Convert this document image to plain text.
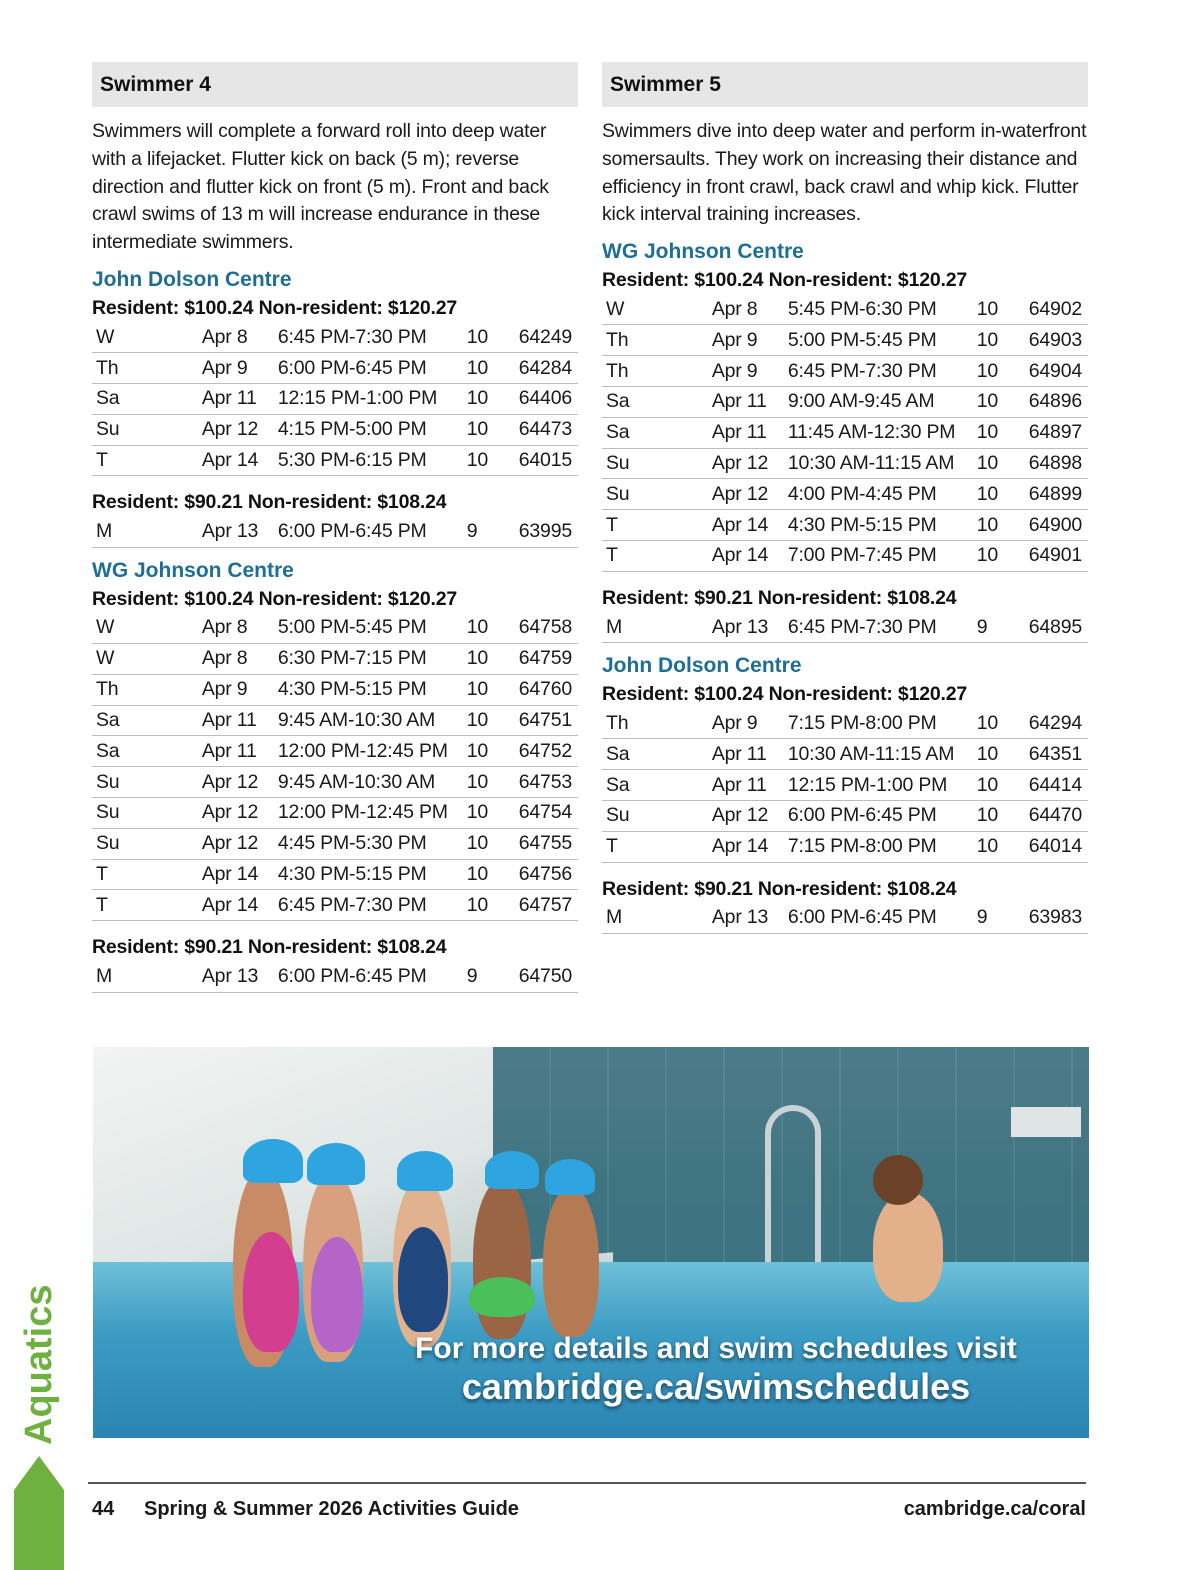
Swimmer 4

Swimmers will complete a forward roll into deep water with a lifejacket. Flutter kick on back (5 m); reverse direction and flutter kick on front (5 m). Front and back crawl swims of 13 m will increase endurance in these intermediate swimmers.

John Dolson Centre
Resident: $100.24 Non-resident: $120.27
W	Apr 8	6:45 PM-7:30 PM	10	64249
Th	Apr 9	6:00 PM-6:45 PM	10	64284
Sa	Apr 11	12:15 PM-1:00 PM	10	64406
Su	Apr 12	4:15 PM-5:00 PM	10	64473
T	Apr 14	5:30 PM-6:15 PM	10	64015
Resident: $90.21 Non-resident: $108.24
M	Apr 13	6:00 PM-6:45 PM	9	63995
WG Johnson Centre
Resident: $100.24 Non-resident: $120.27
W	Apr 8	5:00 PM-5:45 PM	10	64758
W	Apr 8	6:30 PM-7:15 PM	10	64759
Th	Apr 9	4:30 PM-5:15 PM	10	64760
Sa	Apr 11	9:45 AM-10:30 AM	10	64751
Sa	Apr 11	12:00 PM-12:45 PM	10	64752
Su	Apr 12	9:45 AM-10:30 AM	10	64753
Su	Apr 12	12:00 PM-12:45 PM	10	64754
Su	Apr 12	4:45 PM-5:30 PM	10	64755
T	Apr 14	4:30 PM-5:15 PM	10	64756
T	Apr 14	6:45 PM-7:30 PM	10	64757
Resident: $90.21 Non-resident: $108.24
M	Apr 13	6:00 PM-6:45 PM	9	64750
Swimmer 5

Swimmers dive into deep water and perform in-waterfront somersaults. They work on increasing their distance and efficiency in front crawl, back crawl and whip kick. Flutter kick interval training increases.

WG Johnson Centre
Resident: $100.24 Non-resident: $120.27
W	Apr 8	5:45 PM-6:30 PM	10	64902
Th	Apr 9	5:00 PM-5:45 PM	10	64903
Th	Apr 9	6:45 PM-7:30 PM	10	64904
Sa	Apr 11	9:00 AM-9:45 AM	10	64896
Sa	Apr 11	11:45 AM-12:30 PM	10	64897
Su	Apr 12	10:30 AM-11:15 AM	10	64898
Su	Apr 12	4:00 PM-4:45 PM	10	64899
T	Apr 14	4:30 PM-5:15 PM	10	64900
T	Apr 14	7:00 PM-7:45 PM	10	64901
Resident: $90.21 Non-resident: $108.24
M	Apr 13	6:45 PM-7:30 PM	9	64895
John Dolson Centre
Resident: $100.24 Non-resident: $120.27
Th	Apr 9	7:15 PM-8:00 PM	10	64294
Sa	Apr 11	10:30 AM-11:15 AM	10	64351
Sa	Apr 11	12:15 PM-1:00 PM	10	64414
Su	Apr 12	6:00 PM-6:45 PM	10	64470
T	Apr 14	7:15 PM-8:00 PM	10	64014
Resident: $90.21 Non-resident: $108.24
M	Apr 13	6:00 PM-6:45 PM	9	63983
For more details and swim schedules visit
cambridge.ca/swimschedules
Aquatics
44 Spring & Summer 2026 Activities Guide	cambridge.ca/coral
